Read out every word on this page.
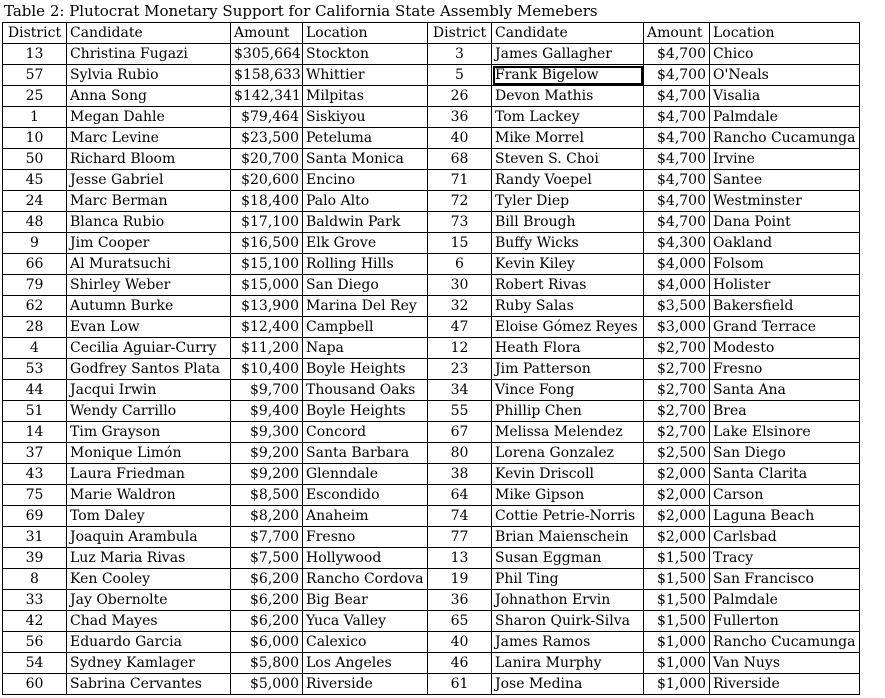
Table 2: Plutocrat Monetary Support for California State Assembly Memebers
District	Candidate	Amount	Location	District	Candidate	Amount	Location
13	Christina Fugazi	$305,664	Stockton	3	James Gallagher	$4,700	Chico
57	Sylvia Rubio	$158,633	Whittier	5	Frank Bigelow	$4,700	O'Neals
25	Anna Song	$142,341	Milpitas	26	Devon Mathis	$4,700	Visalia
1	Megan Dahle	$79,464	Siskiyou	36	Tom Lackey	$4,700	Palmdale
10	Marc Levine	$23,500	Peteluma	40	Mike Morrel	$4,700	Rancho Cucamunga
50	Richard Bloom	$20,700	Santa Monica	68	Steven S. Choi	$4,700	Irvine
45	Jesse Gabriel	$20,600	Encino	71	Randy Voepel	$4,700	Santee
24	Marc Berman	$18,400	Palo Alto	72	Tyler Diep	$4,700	Westminster
48	Blanca Rubio	$17,100	Baldwin Park	73	Bill Brough	$4,700	Dana Point
9	Jim Cooper	$16,500	Elk Grove	15	Buffy Wicks	$4,300	Oakland
66	Al Muratsuchi	$15,100	Rolling Hills	6	Kevin Kiley	$4,000	Folsom
79	Shirley Weber	$15,000	San Diego	30	Robert Rivas	$4,000	Holister
62	Autumn Burke	$13,900	Marina Del Rey	32	Ruby Salas	$3,500	Bakersfield
28	Evan Low	$12,400	Campbell	47	Eloise Gómez Reyes	$3,000	Grand Terrace
4	Cecilia Aguiar-Curry	$11,200	Napa	12	Heath Flora	$2,700	Modesto
53	Godfrey Santos Plata	$10,400	Boyle Heights	23	Jim Patterson	$2,700	Fresno
44	Jacqui Irwin	$9,700	Thousand Oaks	34	Vince Fong	$2,700	Santa Ana
51	Wendy Carrillo	$9,400	Boyle Heights	55	Phillip Chen	$2,700	Brea
14	Tim Grayson	$9,300	Concord	67	Melissa Melendez	$2,700	Lake Elsinore
37	Monique Limón	$9,200	Santa Barbara	80	Lorena Gonzalez	$2,500	San Diego
43	Laura Friedman	$9,200	Glenndale	38	Kevin Driscoll	$2,000	Santa Clarita
75	Marie Waldron	$8,500	Escondido	64	Mike Gipson	$2,000	Carson
69	Tom Daley	$8,200	Anaheim	74	Cottie Petrie-Norris	$2,000	Laguna Beach
31	Joaquin Arambula	$7,700	Fresno	77	Brian Maienschein	$2,000	Carlsbad
39	Luz Maria Rivas	$7,500	Hollywood	13	Susan Eggman	$1,500	Tracy
8	Ken Cooley	$6,200	Rancho Cordova	19	Phil Ting	$1,500	San Francisco
33	Jay Obernolte	$6,200	Big Bear	36	Johnathon Ervin	$1,500	Palmdale
42	Chad Mayes	$6,200	Yuca Valley	65	Sharon Quirk-Silva	$1,500	Fullerton
56	Eduardo Garcia	$6,000	Calexico	40	James Ramos	$1,000	Rancho Cucamunga
54	Sydney Kamlager	$5,800	Los Angeles	46	Lanira Murphy	$1,000	Van Nuys
60	Sabrina Cervantes	$5,000	Riverside	61	Jose Medina	$1,000	Riverside
